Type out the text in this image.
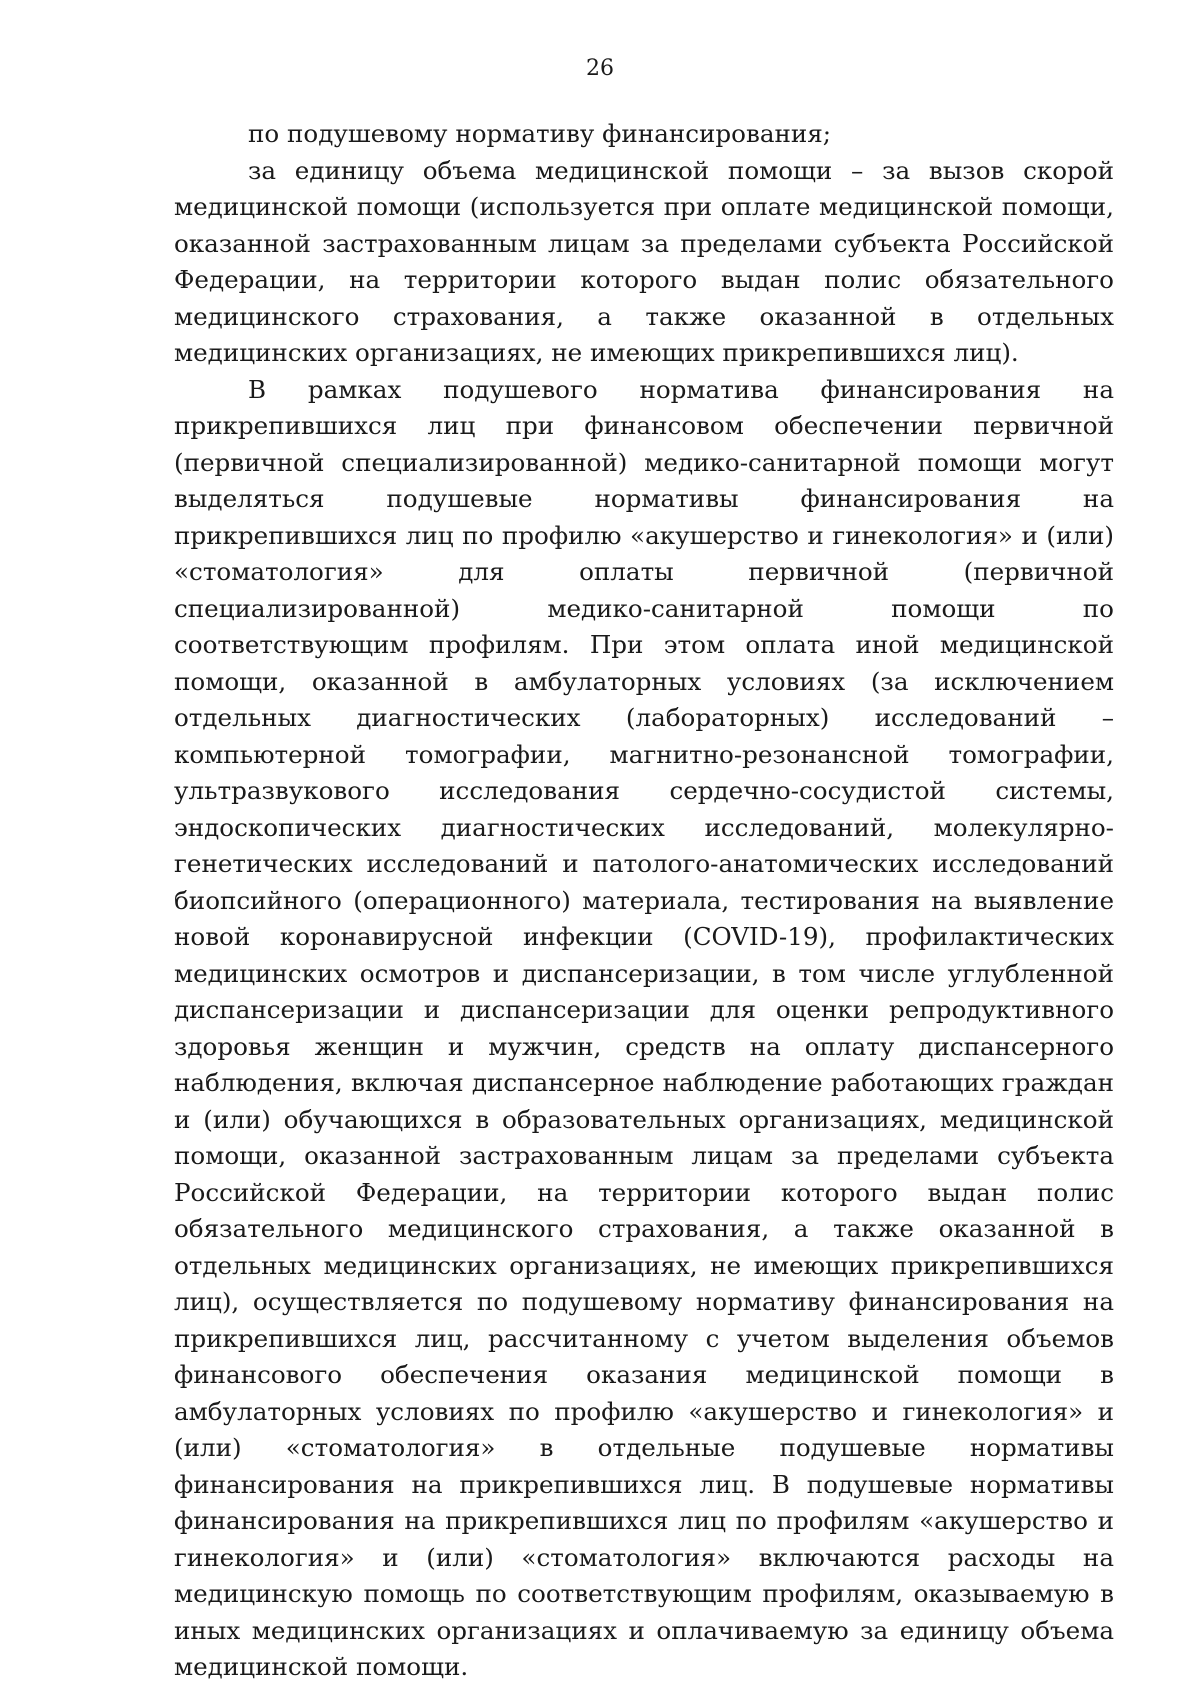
26

по подушевому нормативу финансирования;

за единицу объема медицинской помощи – за вызов скорой медицинской помощи (используется при оплате медицинской помощи, оказанной застрахованным лицам за пределами субъекта Российской Федерации, на территории которого выдан полис обязательного медицинского страхования, а также оказанной в отдельных медицинских организациях, не имеющих прикрепившихся лиц).

В рамках подушевого норматива финансирования на прикрепившихся лиц при финансовом обеспечении первичной (первичной специализированной) медико-санитарной помощи могут выделяться подушевые нормативы финансирования на прикрепившихся лиц по профилю «акушерство и гинекология» и (или) «стоматология» для оплаты первичной (первичной специализированной) медико-санитарной помощи по соответствующим профилям. При этом оплата иной медицинской помощи, оказанной в амбулаторных условиях (за исключением отдельных диагностических (лабораторных) исследований – компьютерной томографии, магнитно-резонансной томографии, ультразвукового исследования сердечно-сосудистой системы, эндоскопических диагностических исследований, молекулярно-генетических исследований и патолого-анатомических исследований биопсийного (операционного) материала, тестирования на выявление новой коронавирусной инфекции (COVID-19), профилактических медицинских осмотров и диспансеризации, в том числе углубленной диспансеризации и диспансеризации для оценки репродуктивного здоровья женщин и мужчин, средств на оплату диспансерного наблюдения, включая диспансерное наблюдение работающих граждан и (или) обучающихся в образовательных организациях, медицинской помощи, оказанной застрахованным лицам за пределами субъекта Российской Федерации, на территории которого выдан полис обязательного медицинского страхования, а также оказанной в отдельных медицинских организациях, не имеющих прикрепившихся лиц), осуществляется по подушевому нормативу финансирования на прикрепившихся лиц, рассчитанному с учетом выделения объемов финансового обеспечения оказания медицинской помощи в амбулаторных условиях по профилю «акушерство и гинекология» и (или) «стоматология» в отдельные подушевые нормативы финансирования на прикрепившихся лиц. В подушевые нормативы финансирования на прикрепившихся лиц по профилям «акушерство и гинекология» и (или) «стоматология» включаются расходы на медицинскую помощь по соответствующим профилям, оказываемую в иных медицинских организациях и оплачиваемую за единицу объема медицинской помощи.
